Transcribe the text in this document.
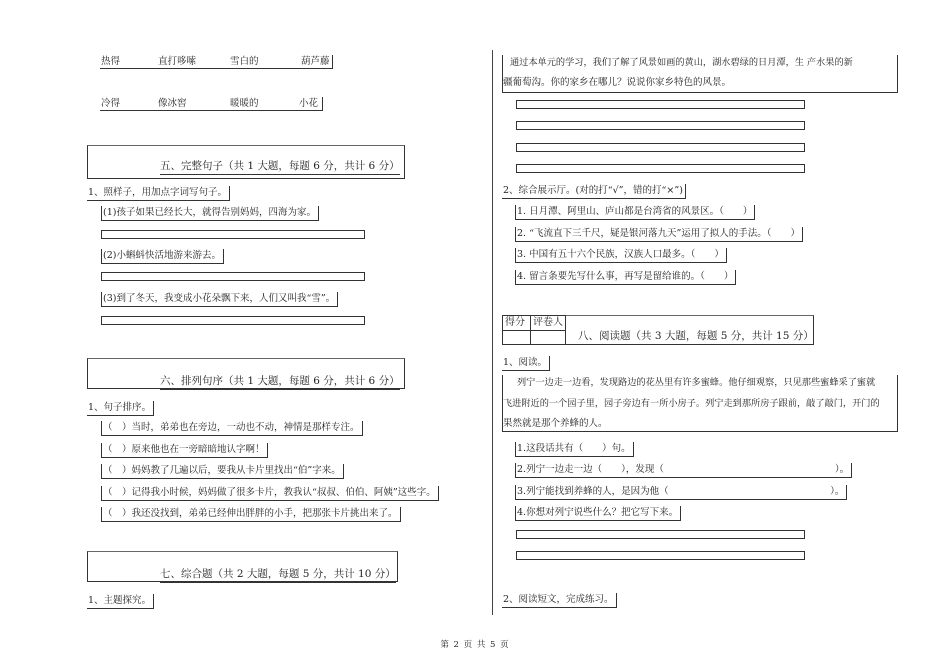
热得	直打哆嗦	雪白的	葫芦藤
冷得	像冰窖	暖暖的	小花
五、完整句子（共 1 大题，每题 6 分，共计 6 分）
1、照样子，用加点字词写句子。
(1)孩子如果已经长大，就得告别妈妈，四海为家。
(2)小蝌蚪快活地游来游去。
(3)到了冬天，我变成小花朵飘下来，人们又叫我“雪”。
六、排列句序（共 1 大题，每题 6 分，共计 6 分）
1、句子排序。
（　）当时，弟弟也在旁边，一动也不动，神情是那样专注。
（　）原来他也在一旁暗暗地认字啊！
（　）妈妈教了几遍以后，要我从卡片里找出“伯”字来。
（　）记得我小时候，妈妈做了很多卡片，教我认“叔叔、伯伯、阿姨”这些字。
（　）我还没找到，弟弟已经伸出胖胖的小手，把那张卡片挑出来了。
七、综合题（共 2 大题，每题 5 分，共计 10 分）
1、主题探究。
通过本单元的学习，我们了解了风景如画的黄山，湖水碧绿的日月潭，生 产水果的新
疆葡萄沟。你的家乡在哪儿？说说你家乡特色的风景。
2、综合展示厅。(对的打“√”，错的打“×”)
1. 日月潭、阿里山、庐山都是台湾省的风景区。（　　）
2. “飞流直下三千尺，疑是银河落九天”运用了拟人的手法。（　　）
3. 中国有五十六个民族，汉族人口最多。（　　）
4. 留言条要先写什么事，再写是留给谁的。（　　）
得分 评卷人
八、阅读题（共 3 大题，每题 5 分，共计 15 分）
1、阅读。
列宁一边走一边看，发现路边的花丛里有许多蜜蜂。他仔细观察，只见那些蜜蜂采了蜜就
飞进附近的一个园子里，园子旁边有一所小房子。列宁走到那所房子跟前，敲了敲门，开门的
果然就是那个养蜂的人。
1.这段话共有（　　）句。
2.列宁一边走一边（　　），发现（　　　　　　　　　　　　　　　　　　）。
3.列宁能找到养蜂的人，是因为他（　　　　　　　　　　　　　　　　　）。
4.你想对列宁说些什么？把它写下来。
2、阅读短文，完成练习。
第 2 页 共 5 页
